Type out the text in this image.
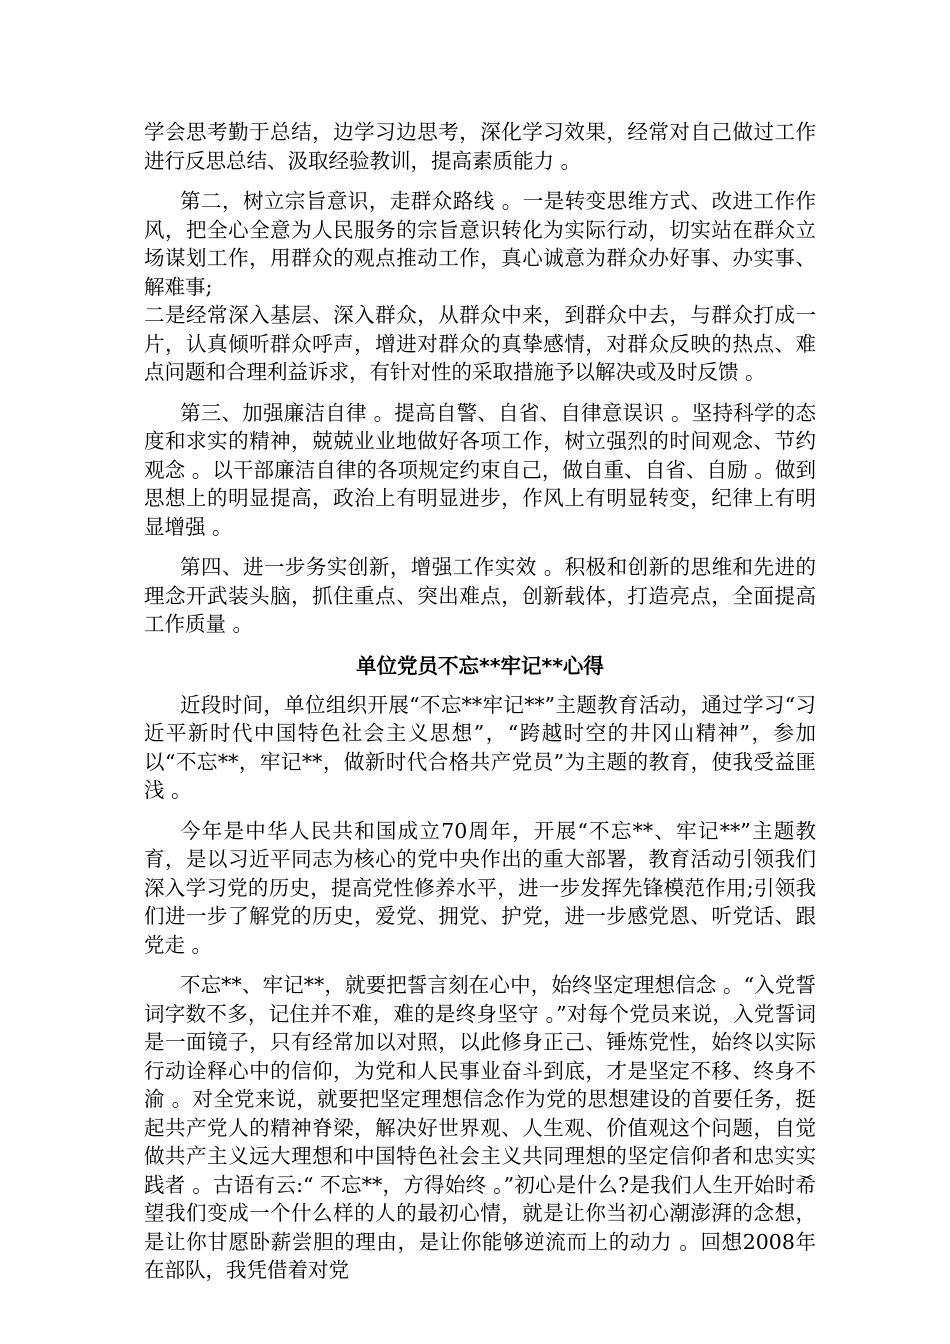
学会思考勤于总结，边学习边思考，深化学习效果，经常对自己做过工作进行反思总结、汲取经验教训，提高素质能力 。

第二，树立宗旨意识，走群众路线 。一是转变思维方式、改进工作作风，把全心全意为人民服务的宗旨意识转化为实际行动，切实站在群众立场谋划工作，用群众的观点推动工作，真心诚意为群众办好事、办实事、解难事;

二是经常深入基层、深入群众，从群众中来，到群众中去，与群众打成一片，认真倾听群众呼声，增进对群众的真挚感情，对群众反映的热点、难点问题和合理利益诉求，有针对性的采取措施予以解决或及时反馈 。

第三、加强廉洁自律 。提高自警、自省、自律意误识 。坚持科学的态度和求实的精神，兢兢业业地做好各项工作，树立强烈的时间观念、节约观念 。以干部廉洁自律的各项规定约束自己，做自重、自省、自励 。做到思想上的明显提高，政治上有明显进步，作风上有明显转变，纪律上有明显增强 。

第四、进一步务实创新，增强工作实效 。积极和创新的思维和先进的理念开武装头脑，抓住重点、突出难点，创新载体，打造亮点，全面提高工作质量 。

单位党员不忘**牢记**心得

近段时间，单位组织开展“不忘**牢记**”主题教育活动，通过学习“习近平新时代中国特色社会主义思想”，“跨越时空的井冈山精神”，参加以“不忘**，牢记**，做新时代合格共产党员”为主题的教育，使我受益匪浅 。

今年是中华人民共和国成立70周年，开展“不忘**、牢记**”主题教育，是以习近平同志为核心的党中央作出的重大部署，教育活动引领我们深入学习党的历史，提高党性修养水平，进一步发挥先锋模范作用;引领我们进一步了解党的历史，爱党、拥党、护党，进一步感党恩、听党话、跟党走 。

不忘**、牢记**，就要把誓言刻在心中，始终坚定理想信念 。“入党誓词字数不多，记住并不难，难的是终身坚守 。”对每个党员来说，入党誓词是一面镜子，只有经常加以对照，以此修身正己、锤炼党性，始终以实际行动诠释心中的信仰，为党和人民事业奋斗到底，才是坚定不移、终身不渝 。对全党来说，就要把坚定理想信念作为党的思想建设的首要任务，挺起共产党人的精神脊梁，解决好世界观、人生观、价值观这个问题，自觉做共产主义远大理想和中国特色社会主义共同理想的坚定信仰者和忠实实践者 。古语有云:“ 不忘**，方得始终 。”初心是什么?是我们人生开始时希望我们变成一个什么样的人的最初心情，就是让你当初心潮澎湃的念想，是让你甘愿卧薪尝胆的理由，是让你能够逆流而上的动力 。回想2008年在部队，我凭借着对党
